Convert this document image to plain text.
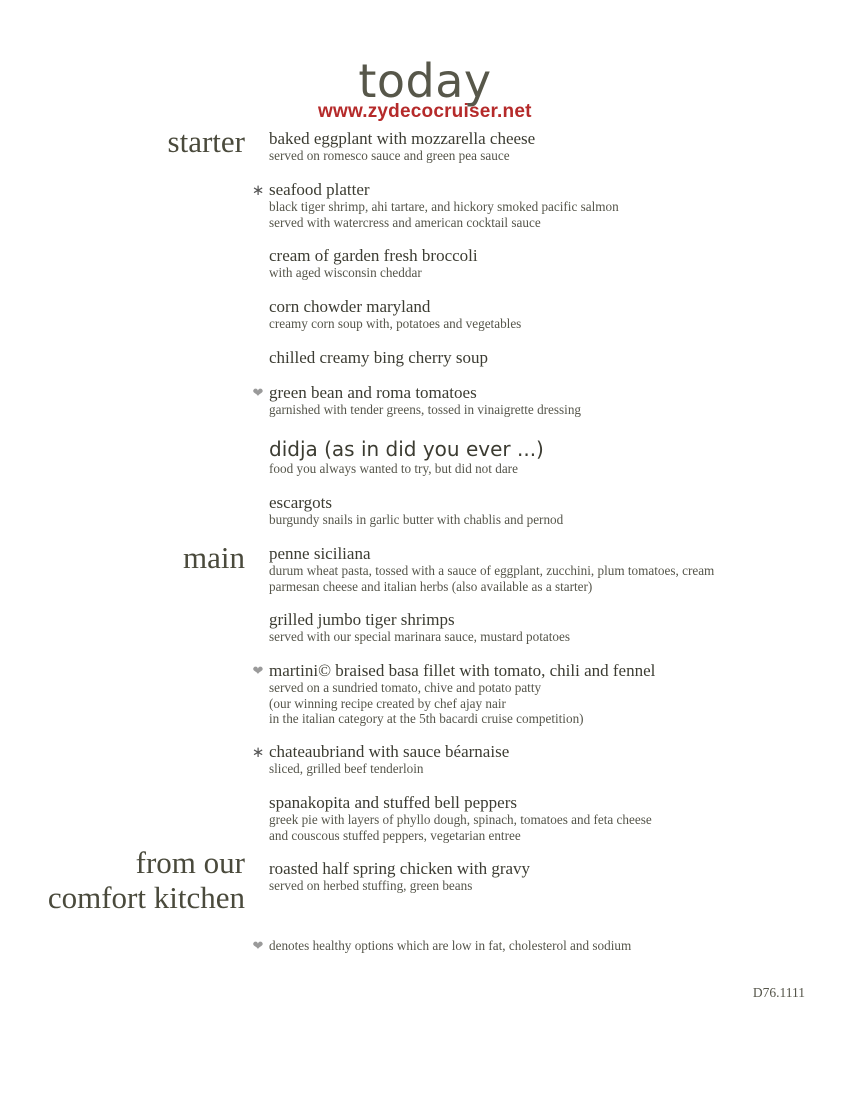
today
www.zydecocruiser.net
starter
main
from our
comfort kitchen
baked eggplant with mozzarella cheese
served on romesco sauce and green pea sauce
∗ seafood platter
black tiger shrimp, ahi tartare, and hickory smoked pacific salmon
served with watercress and american cocktail sauce
cream of garden fresh broccoli
with aged wisconsin cheddar
corn chowder maryland
creamy corn soup with, potatoes and vegetables
chilled creamy bing cherry soup
❤ green bean and roma tomatoes
garnished with tender greens, tossed in vinaigrette dressing
didja (as in did you ever ...)
food you always wanted to try, but did not dare
escargots
burgundy snails in garlic butter with chablis and pernod
penne siciliana
durum wheat pasta, tossed with a sauce of eggplant, zucchini, plum tomatoes, cream
parmesan cheese and italian herbs (also available as a starter)
grilled jumbo tiger shrimps
served with our special marinara sauce, mustard potatoes
❤ martini© braised basa fillet with tomato, chili and fennel
served on a sundried tomato, chive and potato patty
(our winning recipe created by chef ajay nair
in the italian category at the 5th bacardi cruise competition)
∗ chateaubriand with sauce béarnaise
sliced, grilled beef tenderloin
spanakopita and stuffed bell peppers
greek pie with layers of phyllo dough, spinach, tomatoes and feta cheese
and couscous stuffed peppers, vegetarian entree
roasted half spring chicken with gravy
served on herbed stuffing, green beans
❤ denotes healthy options which are low in fat, cholesterol and sodium
D76.1111
